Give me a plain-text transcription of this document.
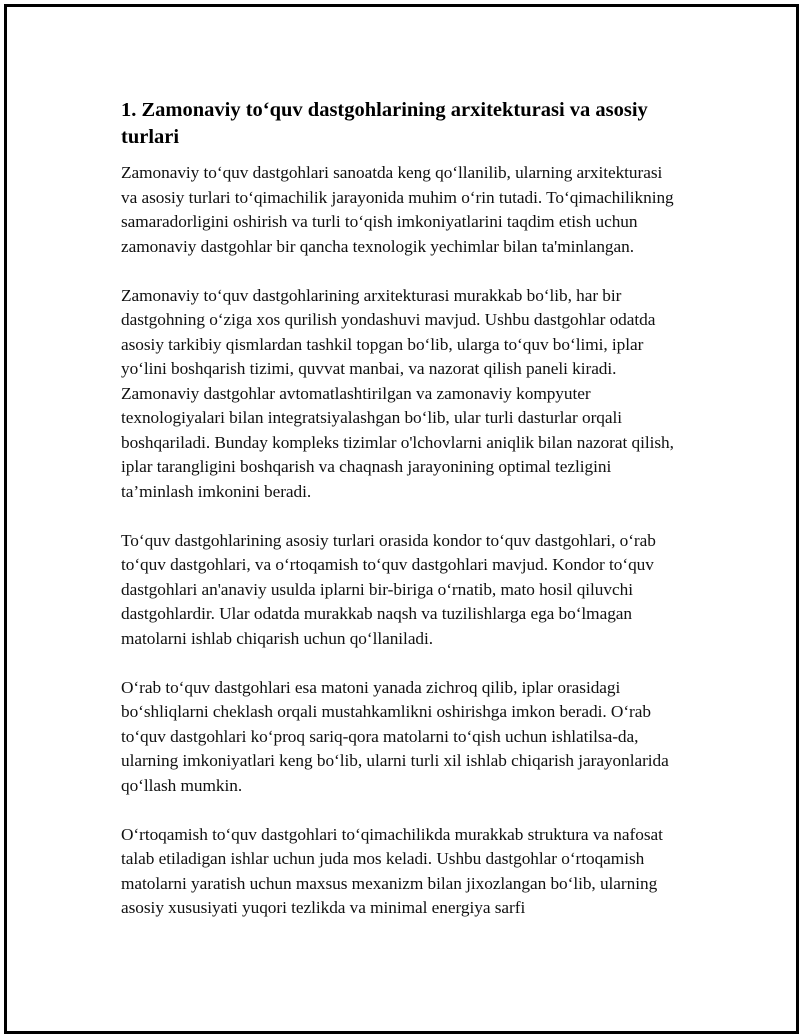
1. Zamonaviy to‘quv dastgohlarining arxitekturasi va asosiy turlari

Zamonaviy to‘quv dastgohlari sanoatda keng qo‘llanilib, ularning arxitekturasi va asosiy turlari to‘qimachilik jarayonida muhim o‘rin tutadi. To‘qimachilikning samaradorligini oshirish va turli to‘qish imkoniyatlarini taqdim etish uchun zamonaviy dastgohlar bir qancha texnologik yechimlar bilan ta'minlangan.

Zamonaviy to‘quv dastgohlarining arxitekturasi murakkab bo‘lib, har bir dastgohning o‘ziga xos qurilish yondashuvi mavjud. Ushbu dastgohlar odatda asosiy tarkibiy qismlardan tashkil topgan bo‘lib, ularga to‘quv bo‘limi, iplar yo‘lini boshqarish tizimi, quvvat manbai, va nazorat qilish paneli kiradi. Zamonaviy dastgohlar avtomatlashtirilgan va zamonaviy kompyuter texnologiyalari bilan integratsiyalashgan bo‘lib, ular turli dasturlar orqali boshqariladi. Bunday kompleks tizimlar o'lchovlarni aniqlik bilan nazorat qilish, iplar tarangligini boshqarish va chaqnash jarayonining optimal tezligini ta’minlash imkonini beradi.

To‘quv dastgohlarining asosiy turlari orasida kondor to‘quv dastgohlari, o‘rab to‘quv dastgohlari, va o‘rtoqamish to‘quv dastgohlari mavjud. Kondor to‘quv dastgohlari an'anaviy usulda iplarni bir-biriga o‘rnatib, mato hosil qiluvchi dastgohlardir. Ular odatda murakkab naqsh va tuzilishlarga ega bo‘lmagan matolarni ishlab chiqarish uchun qo‘llaniladi.

O‘rab to‘quv dastgohlari esa matoni yanada zichroq qilib, iplar orasidagi bo‘shliqlarni cheklash orqali mustahkamlikni oshirishga imkon beradi. O‘rab to‘quv dastgohlari ko‘proq sariq-qora matolarni to‘qish uchun ishlatilsa-da, ularning imkoniyatlari keng bo‘lib, ularni turli xil ishlab chiqarish jarayonlarida qo‘llash mumkin.

O‘rtoqamish to‘quv dastgohlari to‘qimachilikda murakkab struktura va nafosat talab etiladigan ishlar uchun juda mos keladi. Ushbu dastgohlar o‘rtoqamish matolarni yaratish uchun maxsus mexanizm bilan jixozlangan bo‘lib, ularning asosiy xususiyati yuqori tezlikda va minimal energiya sarfi
